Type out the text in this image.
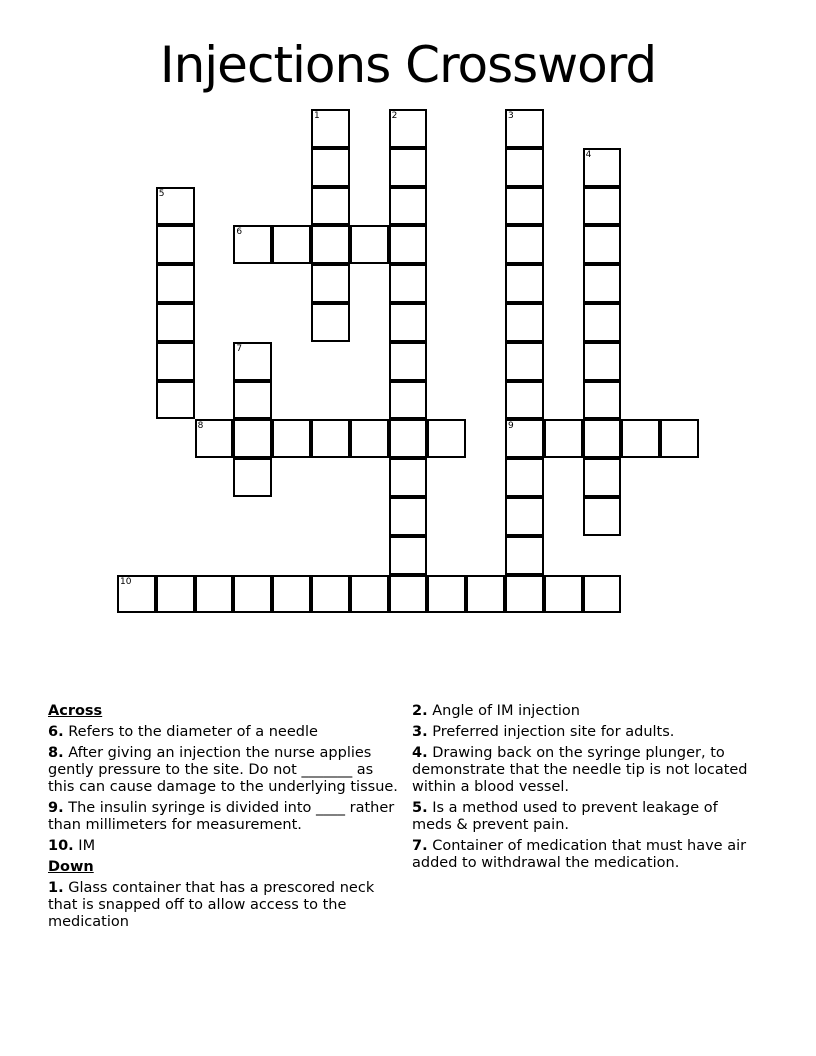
Injections Crossword
1	2	3
9
4
5
6
7
8
10
Across
6. Refers to the diameter of a needle
8. After giving an injection the nurse applies gently pressure to the site. Do not _______ as this can cause damage to the underlying tissue.
9. The insulin syringe is divided into ____ rather than millimeters for measurement.
10. IM
Down
1. Glass container that has a prescored neck that is snapped off to allow access to the medication
2. Angle of IM injection
3. Preferred injection site for adults.
4. Drawing back on the syringe plunger, to demonstrate that the needle tip is not located within a blood vessel.
5. Is a method used to prevent leakage of meds & prevent pain.
7. Container of medication that must have air added to withdrawal the medication.
